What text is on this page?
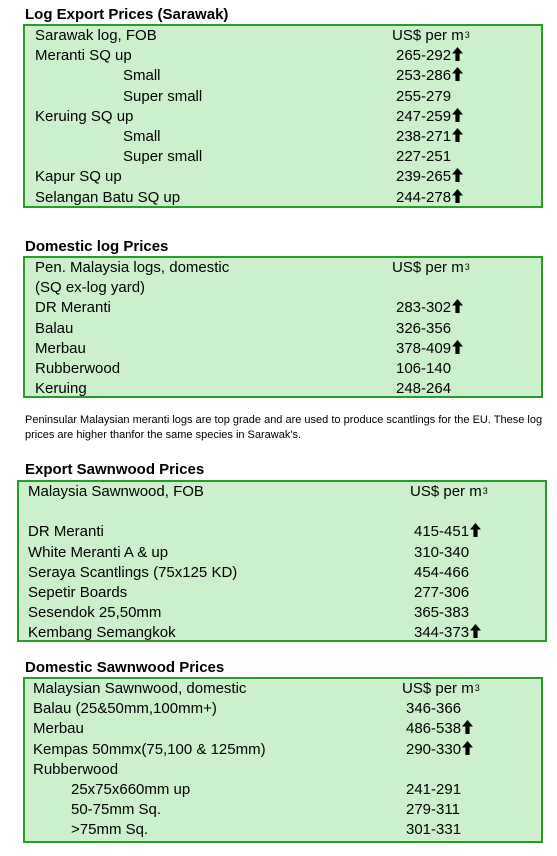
Log Export Prices (Sarawak)
Sarawak log, FOB	US$ per $m^3$
Meranti SQ up	265-292
Small	253-286
Super small	255-279
Keruing SQ up	247-259
Small	238-271
Super small	227-251
Kapur SQ up	239-265
Selangan Batu SQ up	244-278
Domestic log Prices
Pen. Malaysia logs, domestic	US$ per $m^3$
(SQ ex-log yard)
DR Meranti	283-302
Balau	326-356
Merbau	378-409
Rubberwood	106-140
Keruing	248-264
Peninsular Malaysian meranti logs are top grade and are used to produce scantlings for the EU. These log prices are higher thanfor the same species in Sarawak's.
Export Sawnwood Prices
Malaysia Sawnwood, FOB	US$ per $m^3$
DR Meranti	415-451
White Meranti A & up	310-340
Seraya Scantlings (75x125 KD)	454-466
Sepetir Boards	277-306
Sesendok 25,50mm	365-383
Kembang Semangkok	344-373
Domestic Sawnwood Prices
Malaysian Sawnwood, domestic	US$ per $m^3$
Balau (25&50mm,100mm+)	346-366
Merbau	486-538
Kempas 50mmx(75,100 & 125mm)	290-330
Rubberwood
25x75x660mm up	241-291
50-75mm Sq.	279-311
>75mm Sq.	301-331
